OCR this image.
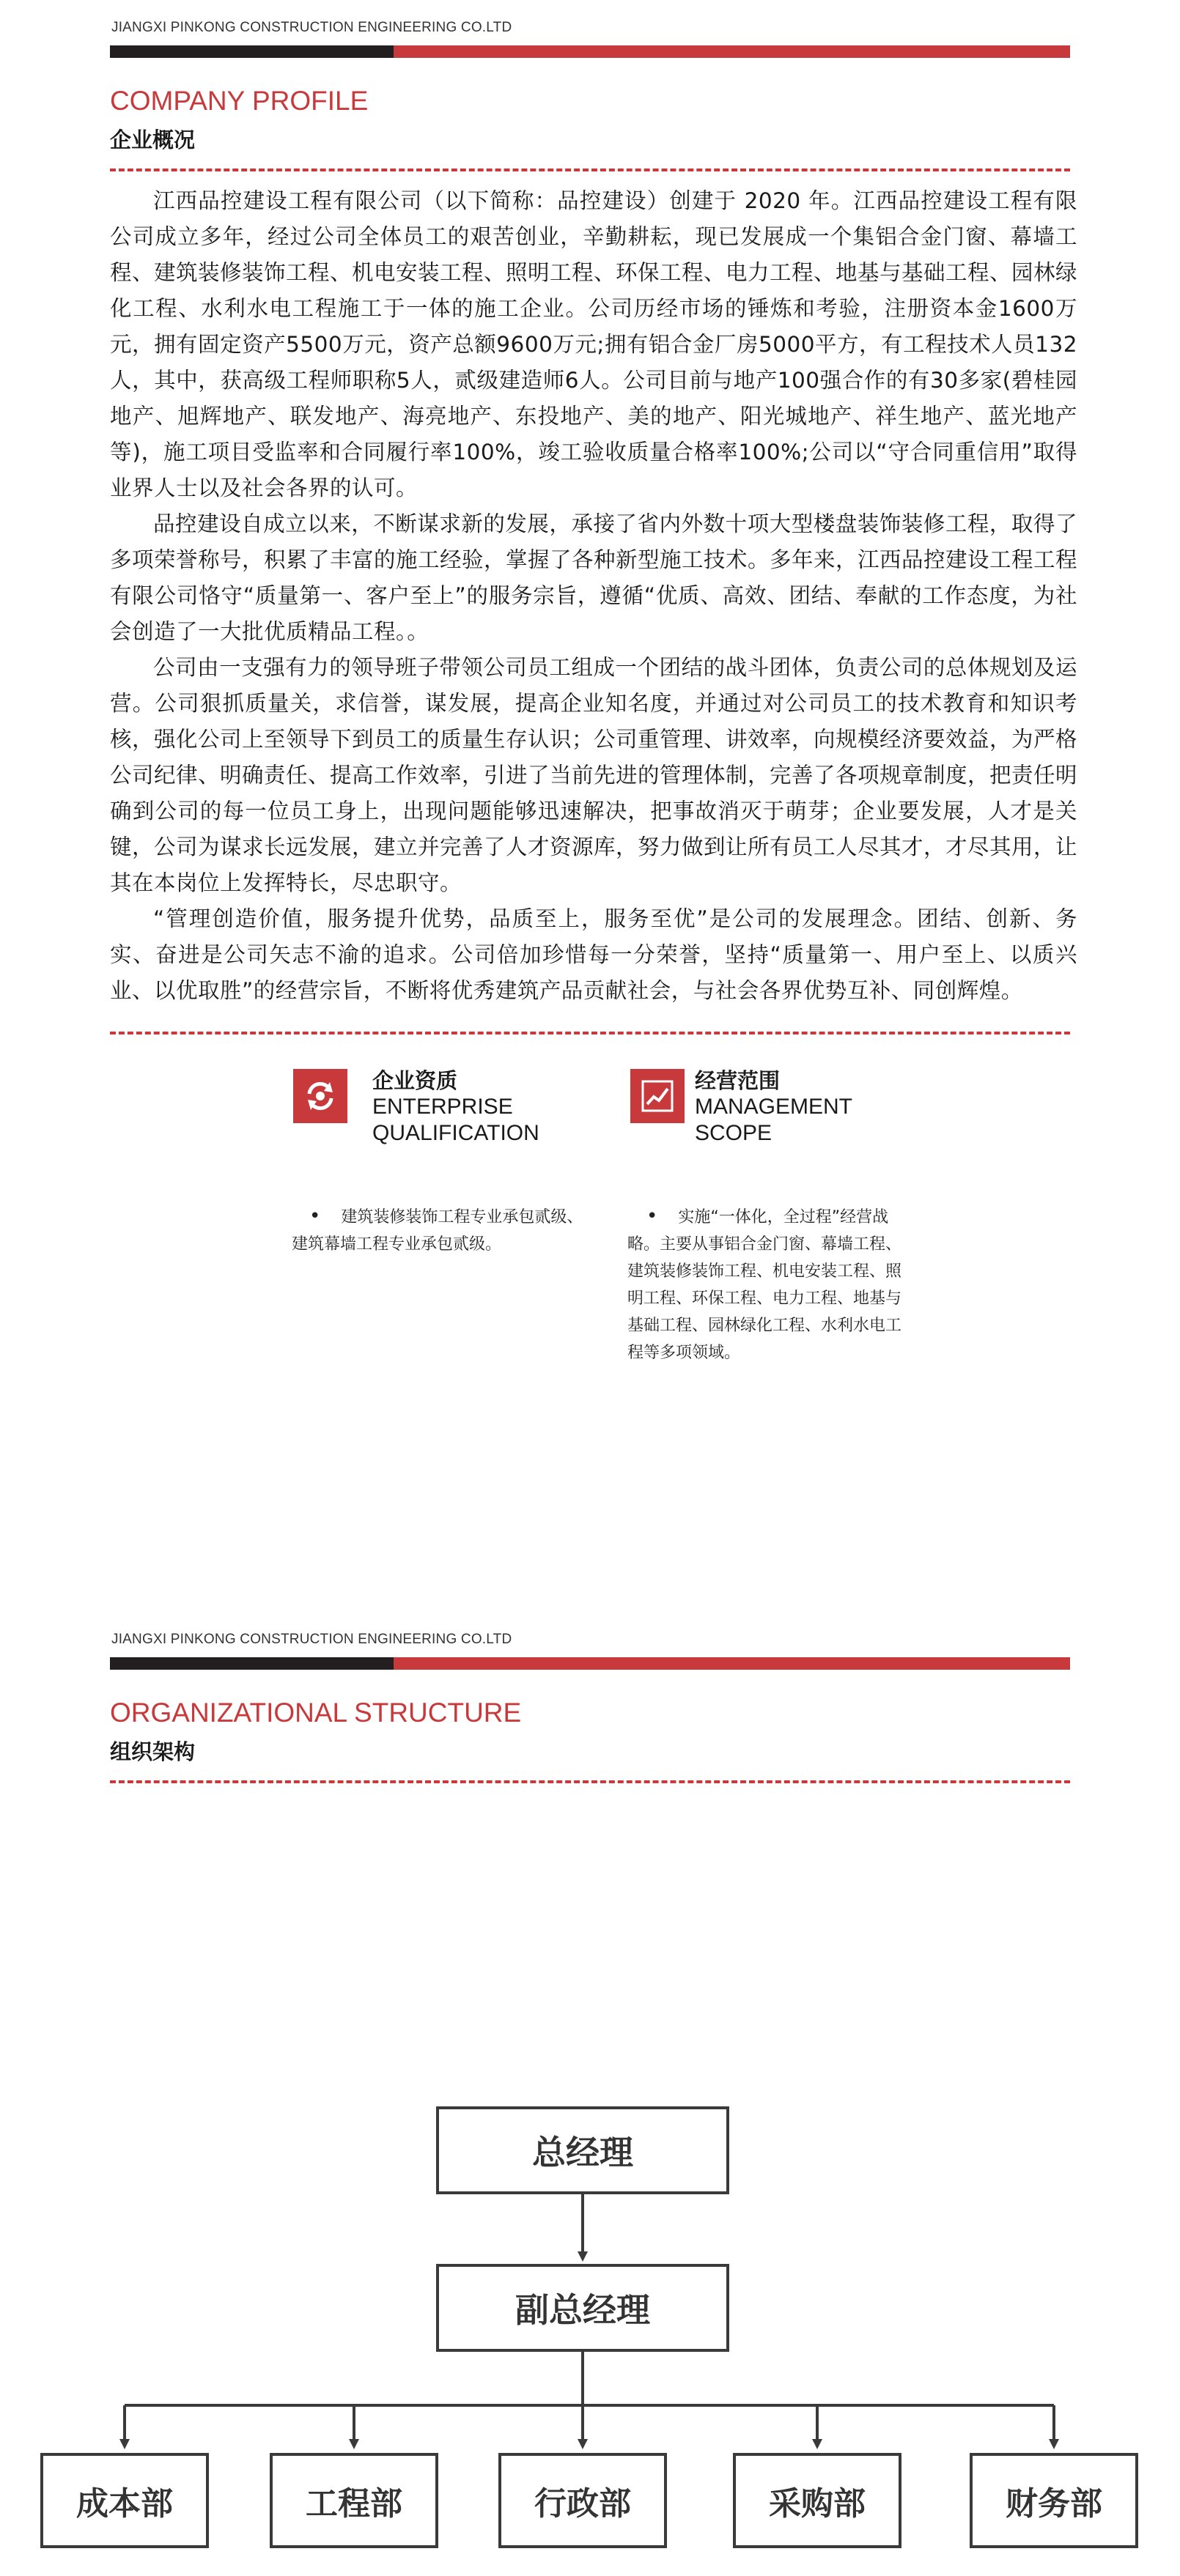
JIANGXI PINKONG CONSTRUCTION ENGINEERING CO.LTD
COMPANY PROFILE
企业概况

江西品控建设工程有限公司（以下简称：品控建设）创建于 2020 年。江西品控建设工程有限公司成立多年，经过公司全体员工的艰苦创业，辛勤耕耘，现已发展成一个集铝合金门窗、幕墙工程、建筑装修装饰工程、机电安装工程、照明工程、环保工程、电力工程、地基与基础工程、园林绿化工程、水利水电工程施工于一体的施工企业。公司历经市场的锤炼和考验，注册资本金1600万元，拥有固定资产5500万元，资产总额9600万元;拥有铝合金厂房5000平方，有工程技术人员132人，其中，获高级工程师职称5人，贰级建造师6人。公司目前与地产100强合作的有30多家(碧桂园地产、旭辉地产、联发地产、海亮地产、东投地产、美的地产、阳光城地产、祥生地产、蓝光地产等)，施工项目受监率和合同履行率100%，竣工验收质量合格率100%;公司以“守合同重信用”取得业界人士以及社会各界的认可。

品控建设自成立以来，不断谋求新的发展，承接了省内外数十项大型楼盘装饰装修工程，取得了多项荣誉称号，积累了丰富的施工经验，掌握了各种新型施工技术。多年来，江西品控建设工程工程有限公司恪守“质量第一、客户至上”的服务宗旨，遵循“优质、高效、团结、奉献的工作态度，为社会创造了一大批优质精品工程。。

公司由一支强有力的领导班子带领公司员工组成一个团结的战斗团体，负责公司的总体规划及运营。公司狠抓质量关，求信誉，谋发展，提高企业知名度，并通过对公司员工的技术教育和知识考核，强化公司上至领导下到员工的质量生存认识；公司重管理、讲效率，向规模经济要效益，为严格公司纪律、明确责任、提高工作效率，引进了当前先进的管理体制，完善了各项规章制度，把责任明确到公司的每一位员工身上，出现问题能够迅速解决，把事故消灭于萌芽；企业要发展，人才是关键，公司为谋求长远发展，建立并完善了人才资源库，努力做到让所有员工人尽其才，才尽其用，让其在本岗位上发挥特长，尽忠职守。

“管理创造价值，服务提升优势，品质至上，服务至优”是公司的发展理念。团结、创新、务实、奋进是公司矢志不渝的追求。公司倍加珍惜每一分荣誉，坚持“质量第一、用户至上、以质兴业、以优取胜”的经营宗旨，不断将优秀建筑产品贡献社会，与社会各界优势互补、同创辉煌。

企业资质
ENTERPRISE
QUALIFICATION
经营范围
MANAGEMENT
SCOPE
• 建筑装修装饰工程专业承包贰级、
建筑幕墙工程专业承包贰级。
• 实施“一体化，全过程”经营战
略。主要从事铝合金门窗、幕墙工程、
建筑装修装饰工程、机电安装工程、照
明工程、环保工程、电力工程、地基与
基础工程、园林绿化工程、水利水电工
程等多项领域。
JIANGXI PINKONG CONSTRUCTION ENGINEERING CO.LTD
ORGANIZATIONAL STRUCTURE
组织架构
总经理
副总经理
成本部	工程部	行政部	采购部	财务部
